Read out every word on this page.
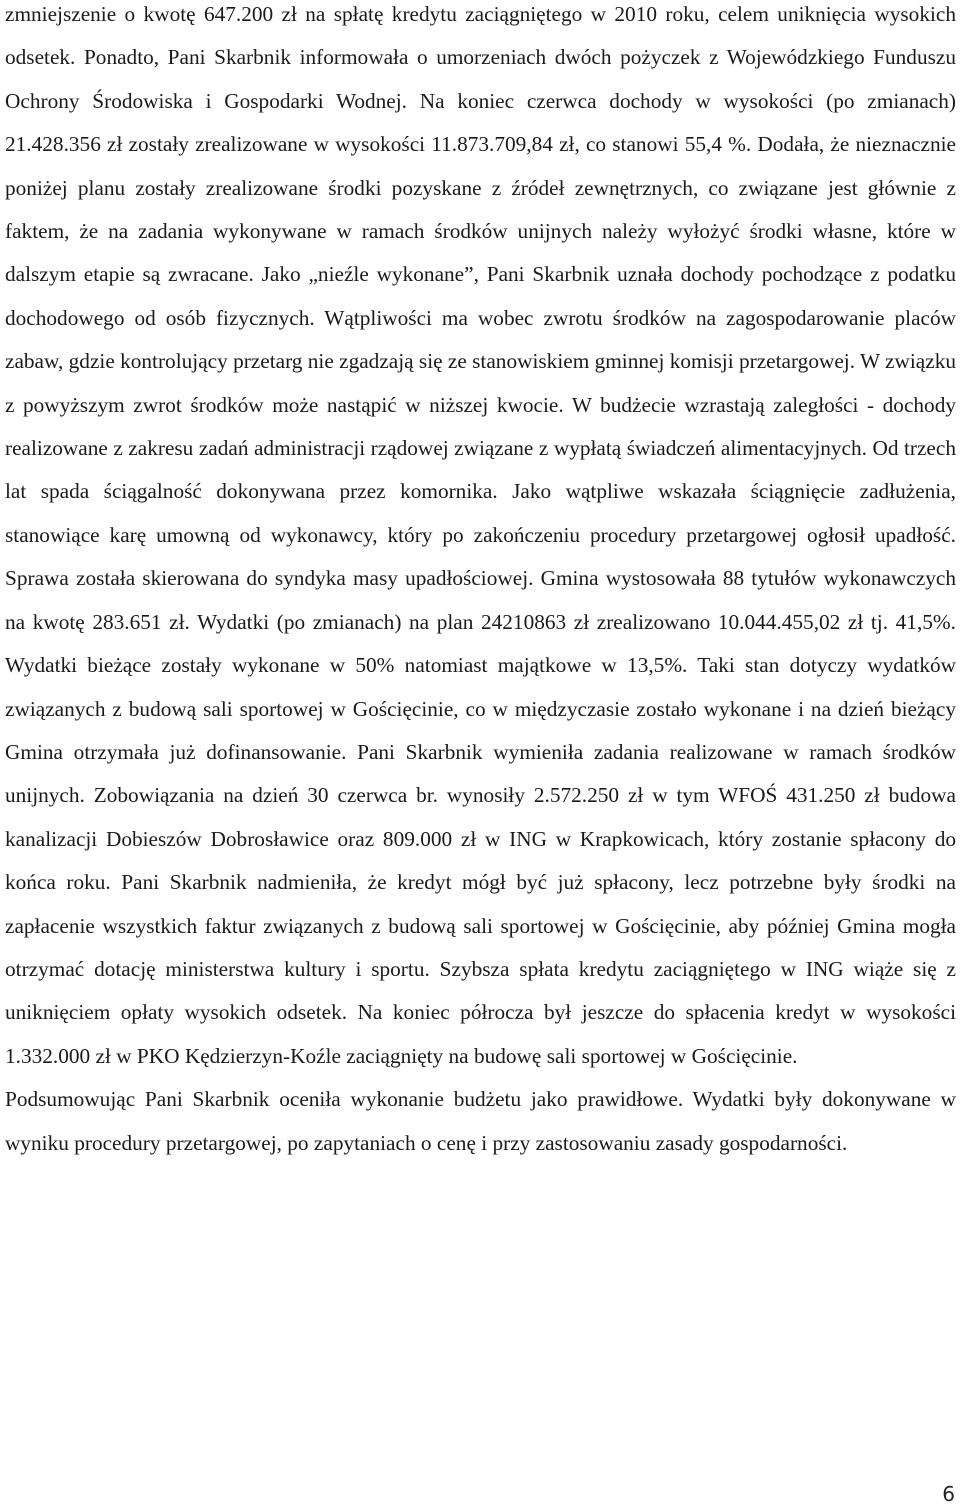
zmniejszenie o kwotę 647.200 zł na spłatę kredytu zaciągniętego w 2010 roku, celem uniknięcia wysokich odsetek. Ponadto, Pani Skarbnik informowała o umorzeniach dwóch pożyczek z Wojewódzkiego Funduszu Ochrony Środowiska i Gospodarki Wodnej. Na koniec czerwca dochody w wysokości (po zmianach) 21.428.356 zł zostały zrealizowane w wysokości 11.873.709,84 zł, co stanowi 55,4 %. Dodała, że nieznacznie poniżej planu zostały zrealizowane środki pozyskane z źródeł zewnętrznych, co związane jest głównie z faktem, że na zadania wykonywane w ramach środków unijnych należy wyłożyć środki własne, które w dalszym etapie są zwracane. Jako „nieźle wykonane”, Pani Skarbnik uznała dochody pochodzące z podatku dochodowego od osób fizycznych. Wątpliwości ma wobec zwrotu środków na zagospodarowanie placów zabaw, gdzie kontrolujący przetarg nie zgadzają się ze stanowiskiem gminnej komisji przetargowej. W związku z powyższym zwrot środków może nastąpić w niższej kwocie. W budżecie wzrastają zaległości - dochody realizowane z zakresu zadań administracji rządowej związane z wypłatą świadczeń alimentacyjnych. Od trzech lat spada ściągalność dokonywana przez komornika. Jako wątpliwe wskazała ściągnięcie zadłużenia, stanowiące karę umowną od wykonawcy, który po zakończeniu procedury przetargowej ogłosił upadłość. Sprawa została skierowana do syndyka masy upadłościowej. Gmina wystosowała 88 tytułów wykonawczych na kwotę 283.651 zł. Wydatki (po zmianach) na plan 24210863 zł zrealizowano 10.044.455,02 zł tj. 41,5%. Wydatki bieżące zostały wykonane w 50% natomiast majątkowe w 13,5%. Taki stan dotyczy wydatków związanych z budową sali sportowej w Gościęcinie, co w międzyczasie zostało wykonane i na dzień bieżący Gmina otrzymała już dofinansowanie. Pani Skarbnik wymieniła zadania realizowane w ramach środków unijnych. Zobowiązania na dzień 30 czerwca br. wynosiły 2.572.250 zł w tym WFOŚ 431.250 zł budowa kanalizacji Dobieszów Dobrosławice oraz 809.000 zł w ING w Krapkowicach, który zostanie spłacony do końca roku. Pani Skarbnik nadmieniła, że kredyt mógł być już spłacony, lecz potrzebne były środki na zapłacenie wszystkich faktur związanych z budową sali sportowej w Gościęcinie, aby później Gmina mogła otrzymać dotację ministerstwa kultury i sportu. Szybsza spłata kredytu zaciągniętego w ING wiąże się z uniknięciem opłaty wysokich odsetek. Na koniec półrocza był jeszcze do spłacenia kredyt w wysokości 1.332.000 zł w PKO Kędzierzyn-Koźle zaciągnięty na budowę sali sportowej w Gościęcinie.

Podsumowując Pani Skarbnik oceniła wykonanie budżetu jako prawidłowe. Wydatki były dokonywane w wyniku procedury przetargowej, po zapytaniach o cenę i przy zastosowaniu zasady gospodarności.

6
